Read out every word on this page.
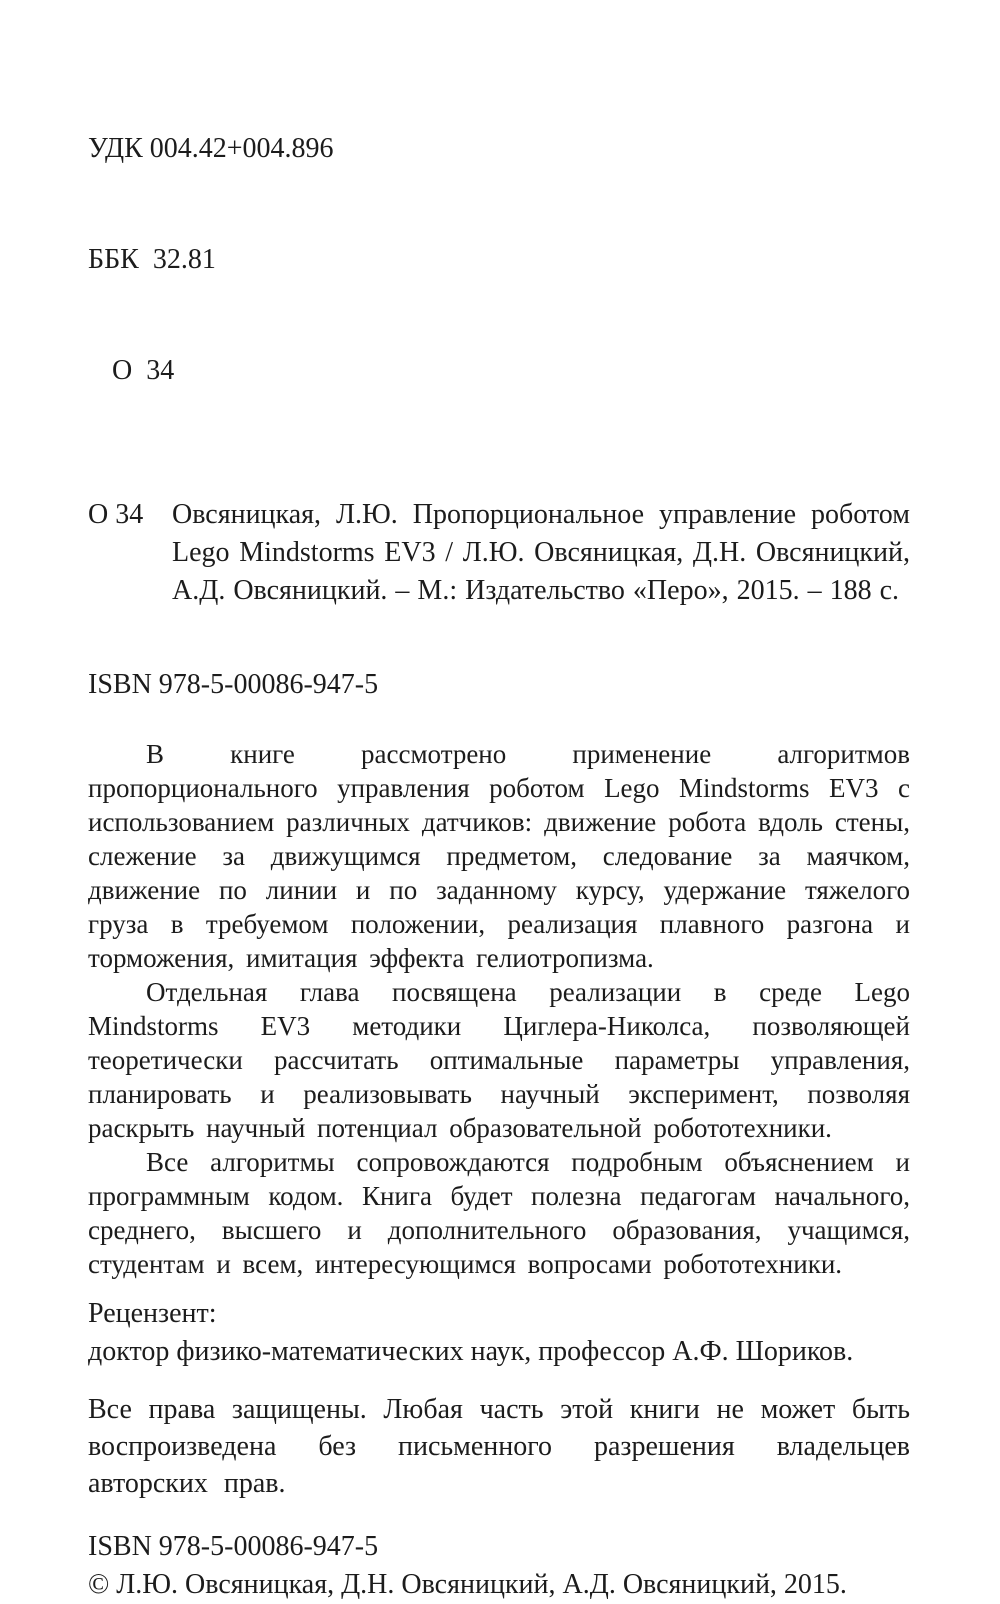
УДК 004.42+004.896

ББК  32.81

О  34

О 34	Овсяницкая, Л.Ю. Пропорциональное управление роботом Lego Mindstorms EV3 / Л.Ю. Овсяницкая, Д.Н. Овсяницкий, А.Д. Овсяницкий. – М.: Издательство «Перо», 2015. – 188 с.

ISBN 978-5-00086-947-5

В книге рассмотрено применение алгоритмов пропорционального управления роботом Lego Mindstorms EV3 с использованием различных датчиков: движение робота вдоль стены, слежение за движущимся предметом, следование за маячком, движение по линии и по заданному курсу, удержание тяжелого груза в требуемом положении, реализация плавного разгона и торможения, имитация эффекта гелиотропизма.

Отдельная глава посвящена реализации в среде Lego Mindstorms EV3 методики Циглера-Николса, позволяющей теоретически рассчитать оптимальные параметры управления, планировать и реализовывать научный эксперимент, позволяя раскрыть научный потенциал образовательной робототехники.

Все алгоритмы сопровождаются подробным объяснением и программным кодом. Книга будет полезна педагогам начального, среднего, высшего и дополнительного образования, учащимся, студентам и всем, интересующимся вопросами робототехники.

Рецензент:

доктор физико-математических наук, профессор А.Ф. Шориков.

Все права защищены. Любая часть этой книги не может быть воспроизведена без письменного разрешения владельцев авторских прав.

ISBN 978-5-00086-947-5

© Л.Ю. Овсяницкая, Д.Н. Овсяницкий, А.Д. Овсяницкий, 2015.
